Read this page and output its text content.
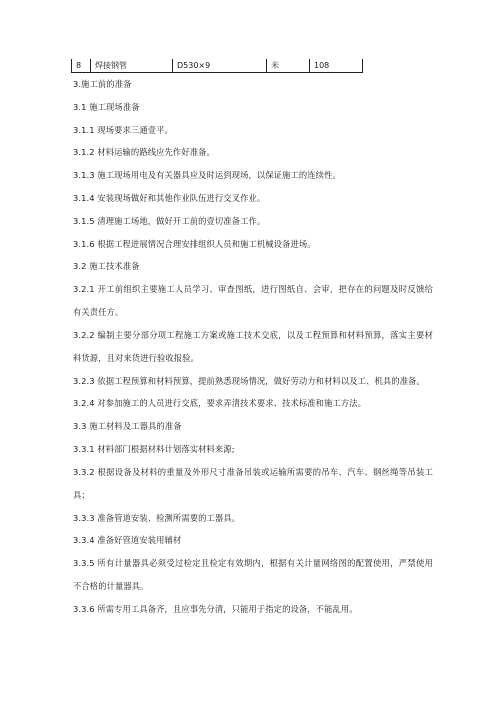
8	焊接钢管	D530×9	米	108

3.施工前的准备

3.1 施工现场准备

3.1.1 现场要求三通壹平。

3.1.2 材料运输的路线应先作好准备。

3.1.3 施工现场用电及有关器具应及时运到现场，以保证施工的连续性。

3.1.4 安装现场做好和其他作业队伍进行交叉作业。

3.1.5 清理施工场地，做好开工前的壹切准备工作。

3.1.6 根据工程进展情况合理安排组织人员和施工机械设备进场。

3.2 施工技术准备

3.2.1 开工前组织主要施工人员学习、审查图纸，进行图纸自、会审，把存在的问题及时反馈给有关责任方。

3.2.2 编制主要分部分项工程施工方案或施工技术交底，以及工程预算和材料预算，落实主要材料货源，且对来货进行验收报验。

3.2.3 依据工程预算和材料预算，提前熟悉现场情况，做好劳动力和材料以及工、机具的准备。

3.2.4 对参加施工的人员进行交底，要求弄清技术要求、技术标准和施工方法。

3.3 施工材料及工器具的准备

3.3.1 材料部门根据材料计划落实材料来源;

3.3.2 根据设备及材料的重量及外形尺寸准备吊装或运输所需要的吊车、汽车、钢丝绳等吊装工具；

3.3.3 准备管道安装、检测所需要的工器具。

3.3.4 准备好管道安装用辅材

3.3.5 所有计量器具必须受过检定且检定有效期内，根据有关计量网络图的配置使用，严禁使用不合格的计量器具。

3.3.6 所需专用工具备齐，且应事先分清，只能用于指定的设备，不能乱用。
